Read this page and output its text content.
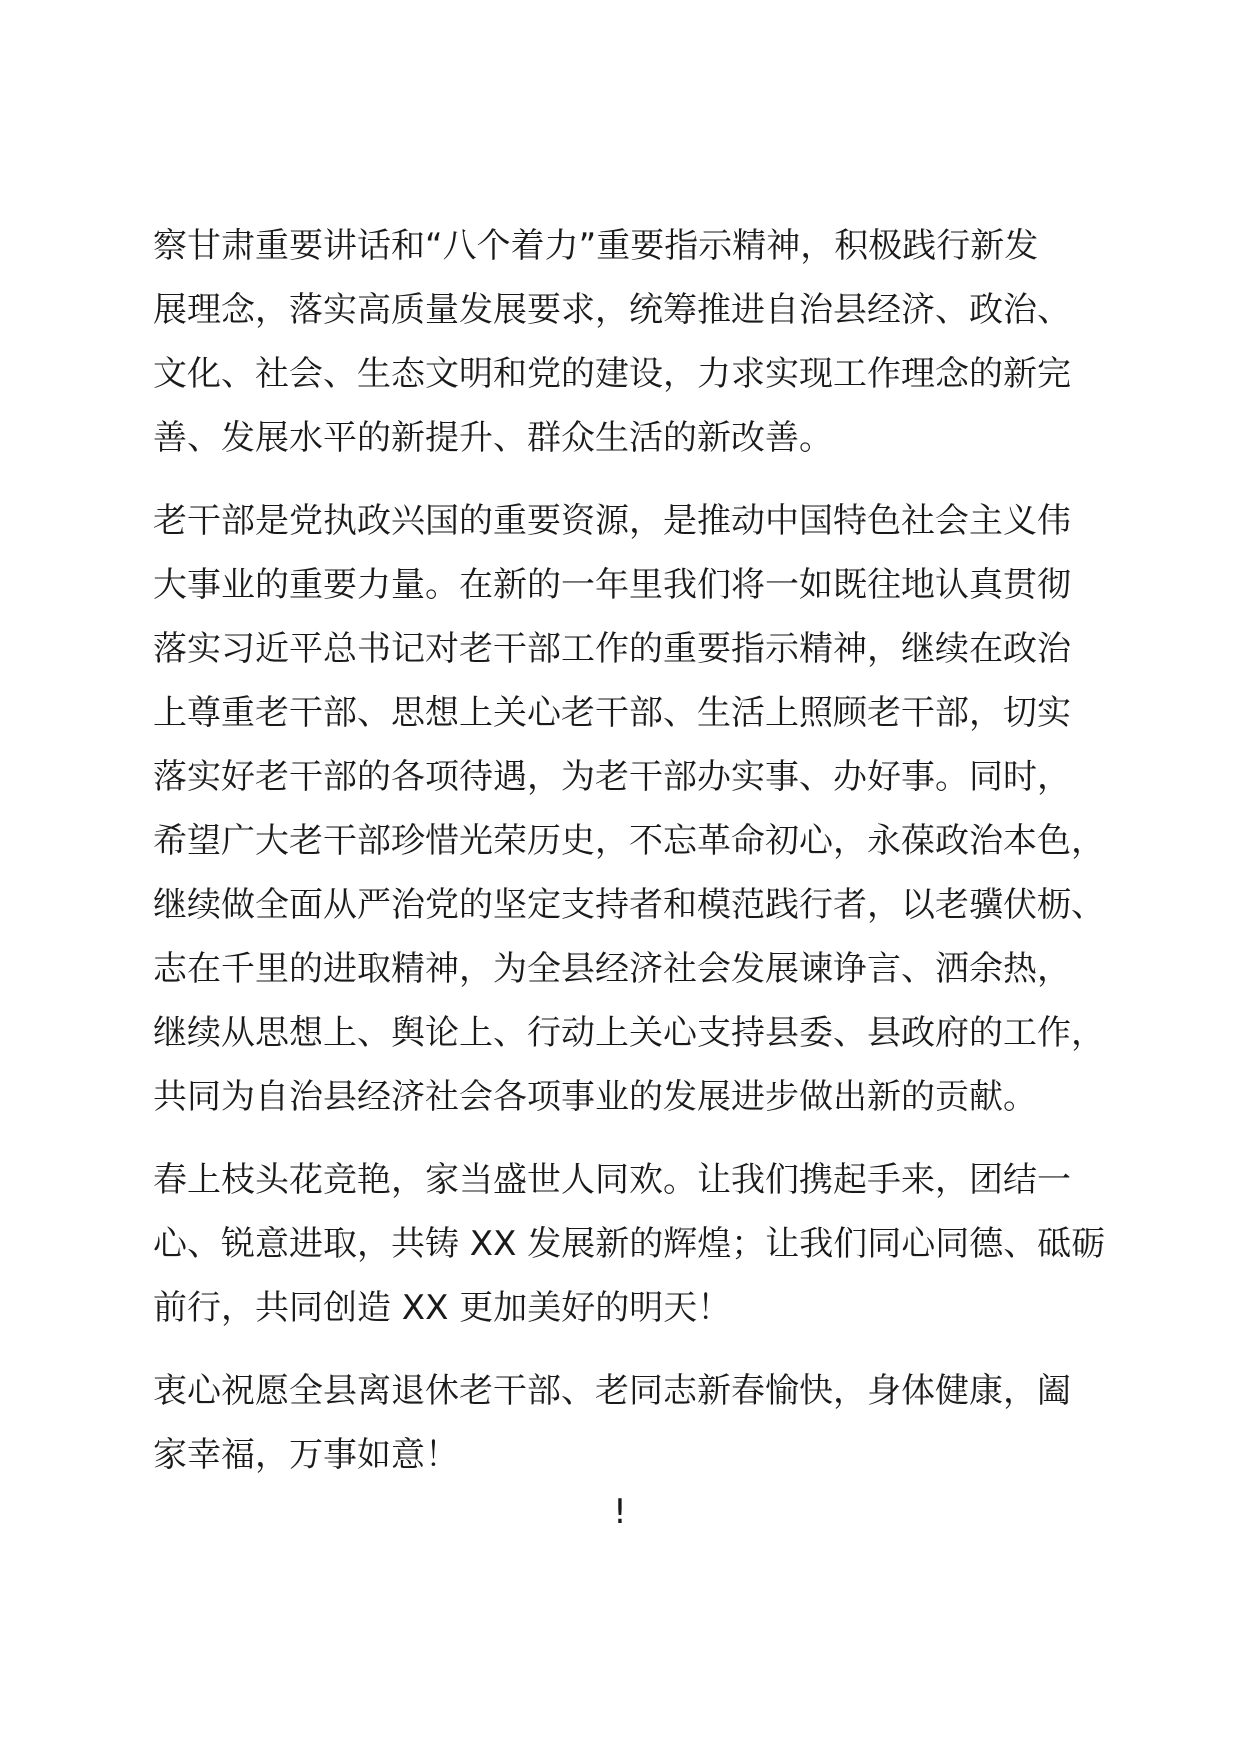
察甘肃重要讲话和“八个着力”重要指示精神，积极践行新发
展理念，落实高质量发展要求，统筹推进自治县经济、政治、
文化、社会、生态文明和党的建设，力求实现工作理念的新完
善、发展水平的新提升、群众生活的新改善。
老干部是党执政兴国的重要资源，是推动中国特色社会主义伟
大事业的重要力量。在新的一年里我们将一如既往地认真贯彻
落实习近平总书记对老干部工作的重要指示精神，继续在政治
上尊重老干部、思想上关心老干部、生活上照顾老干部，切实
落实好老干部的各项待遇，为老干部办实事、办好事。同时，
希望广大老干部珍惜光荣历史，不忘革命初心，永葆政治本色，
继续做全面从严治党的坚定支持者和模范践行者，以老骥伏枥、
志在千里的进取精神，为全县经济社会发展谏诤言、洒余热，
继续从思想上、舆论上、行动上关心支持县委、县政府的工作，
共同为自治县经济社会各项事业的发展进步做出新的贡献。
春上枝头花竞艳，家当盛世人同欢。让我们携起手来，团结一
心、锐意进取，共铸 XX 发展新的辉煌；让我们同心同德、砥砺
前行，共同创造 XX 更加美好的明天！
衷心祝愿全县离退休老干部、老同志新春愉快，身体健康，阖
家幸福，万事如意！
!
